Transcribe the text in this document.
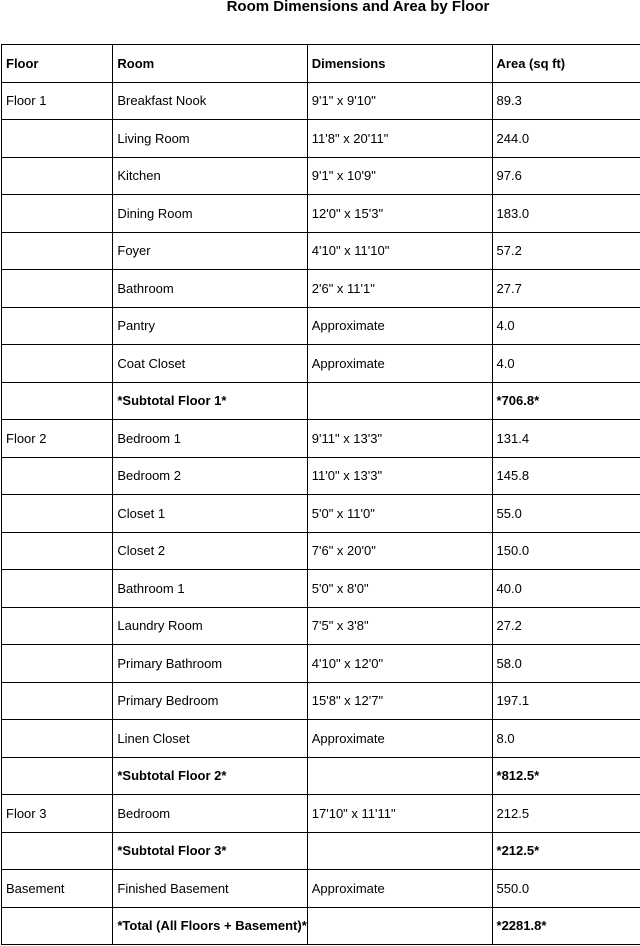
Room Dimensions and Area by Floor
Floor	Room	Dimensions	Area (sq ft)
Floor 1	Breakfast Nook	9'1" x 9'10"	89.3
	Living Room	11'8" x 20'11"	244.0
	Kitchen	9'1" x 10'9"	97.6
	Dining Room	12'0" x 15'3"	183.0
	Foyer	4'10" x 11'10"	57.2
	Bathroom	2'6" x 11'1"	27.7
	Pantry	Approximate	4.0
	Coat Closet	Approximate	4.0
	*Subtotal Floor 1*		*706.8*
Floor 2	Bedroom 1	9'11" x 13'3"	131.4
	Bedroom 2	11'0" x 13'3"	145.8
	Closet 1	5'0" x 11'0"	55.0
	Closet 2	7'6" x 20'0"	150.0
	Bathroom 1	5'0" x 8'0"	40.0
	Laundry Room	7'5" x 3'8"	27.2
	Primary Bathroom	4'10" x 12'0"	58.0
	Primary Bedroom	15'8" x 12'7"	197.1
	Linen Closet	Approximate	8.0
	*Subtotal Floor 2*		*812.5*
Floor 3	Bedroom	17'10" x 11'11"	212.5
	*Subtotal Floor 3*		*212.5*
Basement	Finished Basement	Approximate	550.0
	*Total (All Floors + Basement)*		*2281.8*
